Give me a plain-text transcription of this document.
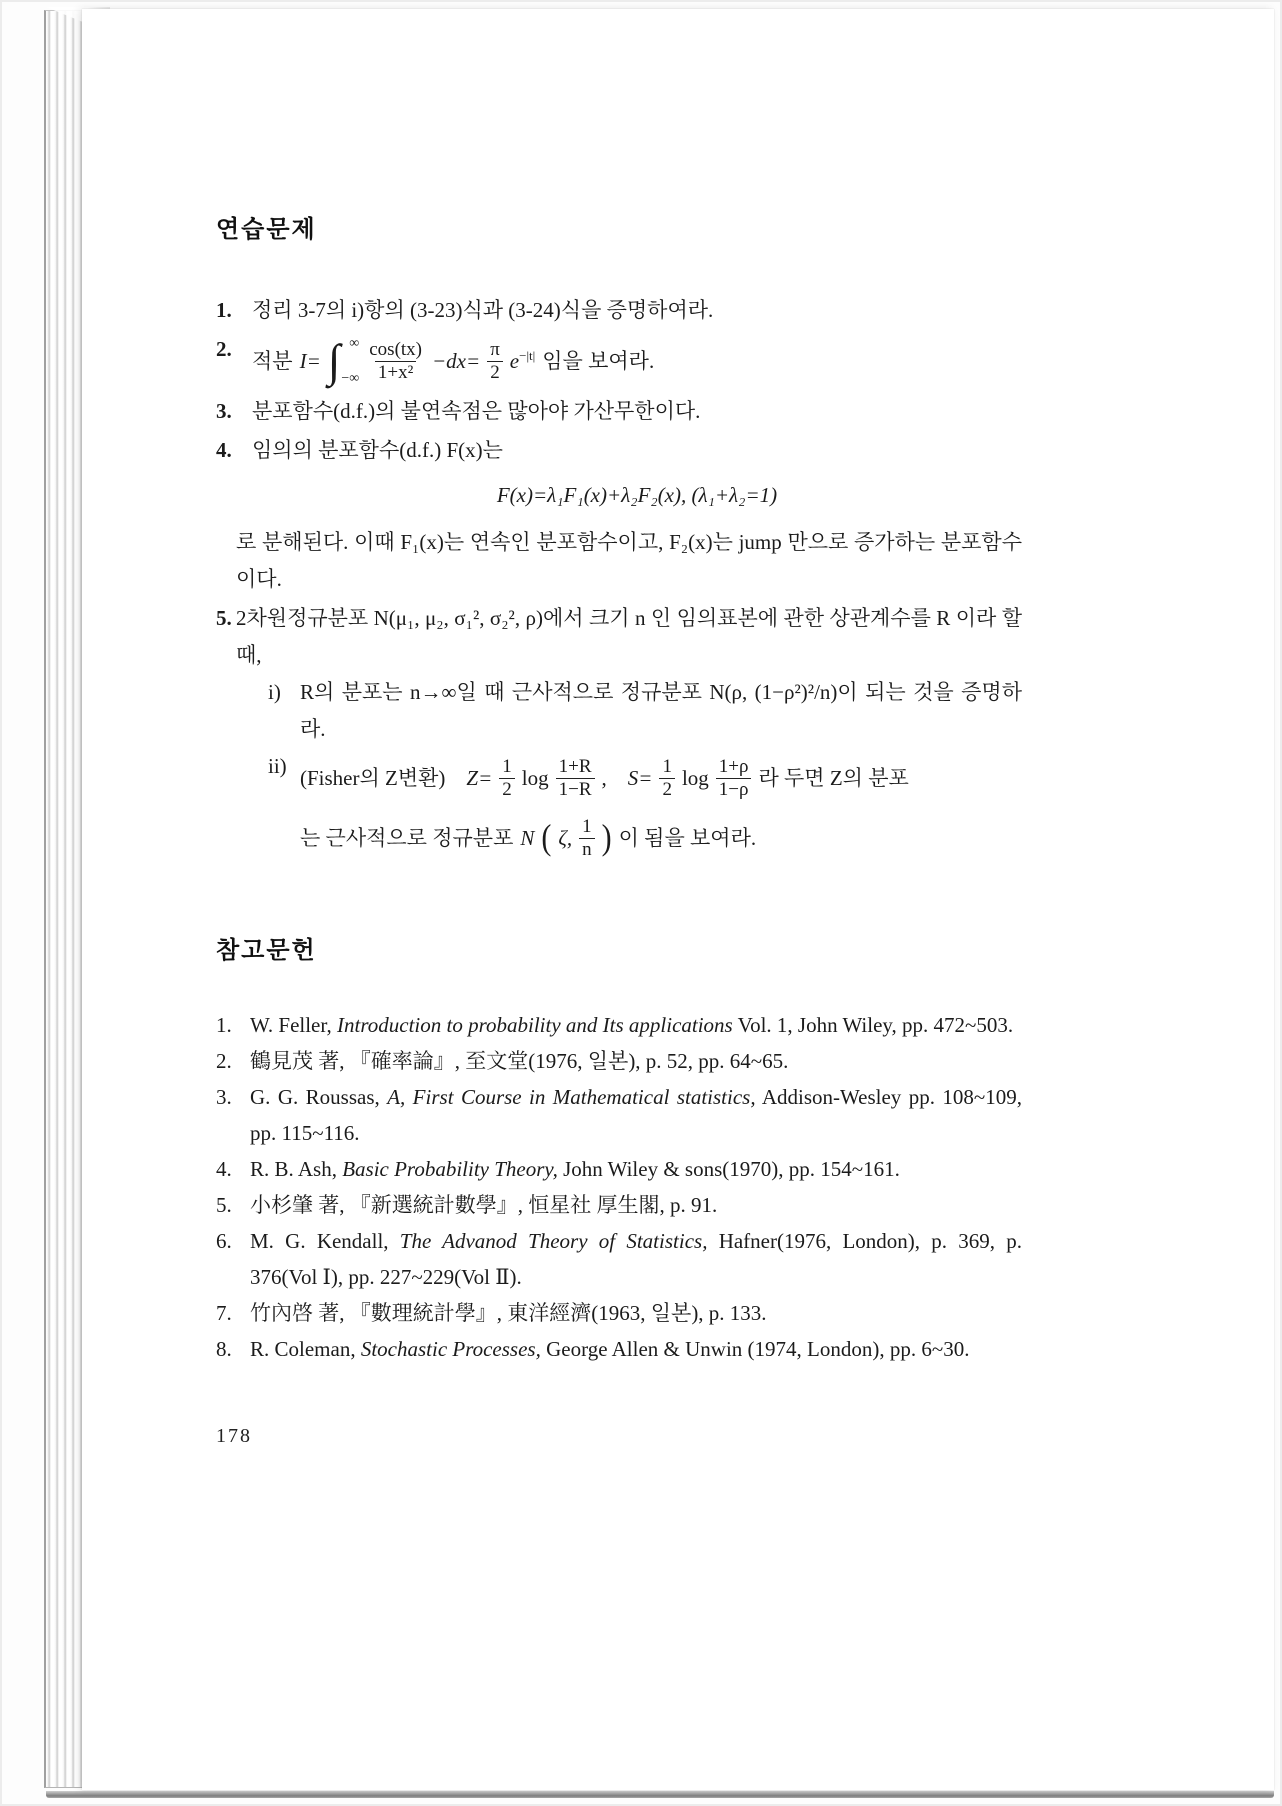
연습문제
1. 정리 3-7의 i)항의 (3-23)식과 (3-24)식을 증명하여라.
2. 적분 I= ∫ ∞
−∞ $\frac{\cos(tx)}{\text{1+x²}} -dx= \frac{\pi}{2} e^{-|t|}$ 임을 보여라.
3. 분포함수(d.f.)의 불연속점은 많아야 가산무한이다.
4. 임의의 분포함수(d.f.) F(x)는
F(x)=λ₁F₁(x)+λ₂F₂(x), (λ₁+λ₂=1)
로 분해된다. 이때 F₁(x)는 연속인 분포함수이고, F₂(x)는 jump 만으로 증가하는 분포함수이다.
5. 2차원정규분포 N(μ₁, μ₂, σ₁², σ₂², ρ)에서 크기 n 인 임의표본에 관한 상관계수를 R 이라 할 때,
i) R의 분포는 n→∞일 때 근사적으로 정규분포 N(ρ, (1−ρ²)²/n)이 되는 것을 증명하라.
ii) (Fisher의 Z변환) $Z= \frac{1}{2}$ $\log \frac{1+R}{1-R}$ , $S= \frac{1}{2}$ $\log \frac{1+\rho}{1-\rho}$ 라 두면 Z의 분포
는 근사적으로 정규분포 N ( ζ, $\frac{1}{n}$ ) 이 됨을 보여라.
참고문헌
1. W. Feller, Introduction to probability and Its applications Vol. 1, John Wiley, pp. 472~503.
2. 鶴見茂 著, 『確率論』, 至文堂(1976, 일본), p. 52, pp. 64~65.
3. G. G. Roussas, A, First Course in Mathematical statistics, Addison-Wesley pp. 108~109, pp. 115~116.
4. R. B. Ash, Basic Probability Theory, John Wiley & sons(1970), pp. 154~161.
5. 小杉肇 著, 『新選統計數學』, 恒星社 厚生閣, p. 91.
6. M. G. Kendall, The Advanod Theory of Statistics, Hafner(1976, London), p. 369, p. 376(Vol Ⅰ), pp. 227~229(Vol Ⅱ).
7. 竹內啓 著, 『數理統計學』, 東洋經濟(1963, 일본), p. 133.
8. R. Coleman, Stochastic Processes, George Allen & Unwin (1974, London), pp. 6~30.
178
